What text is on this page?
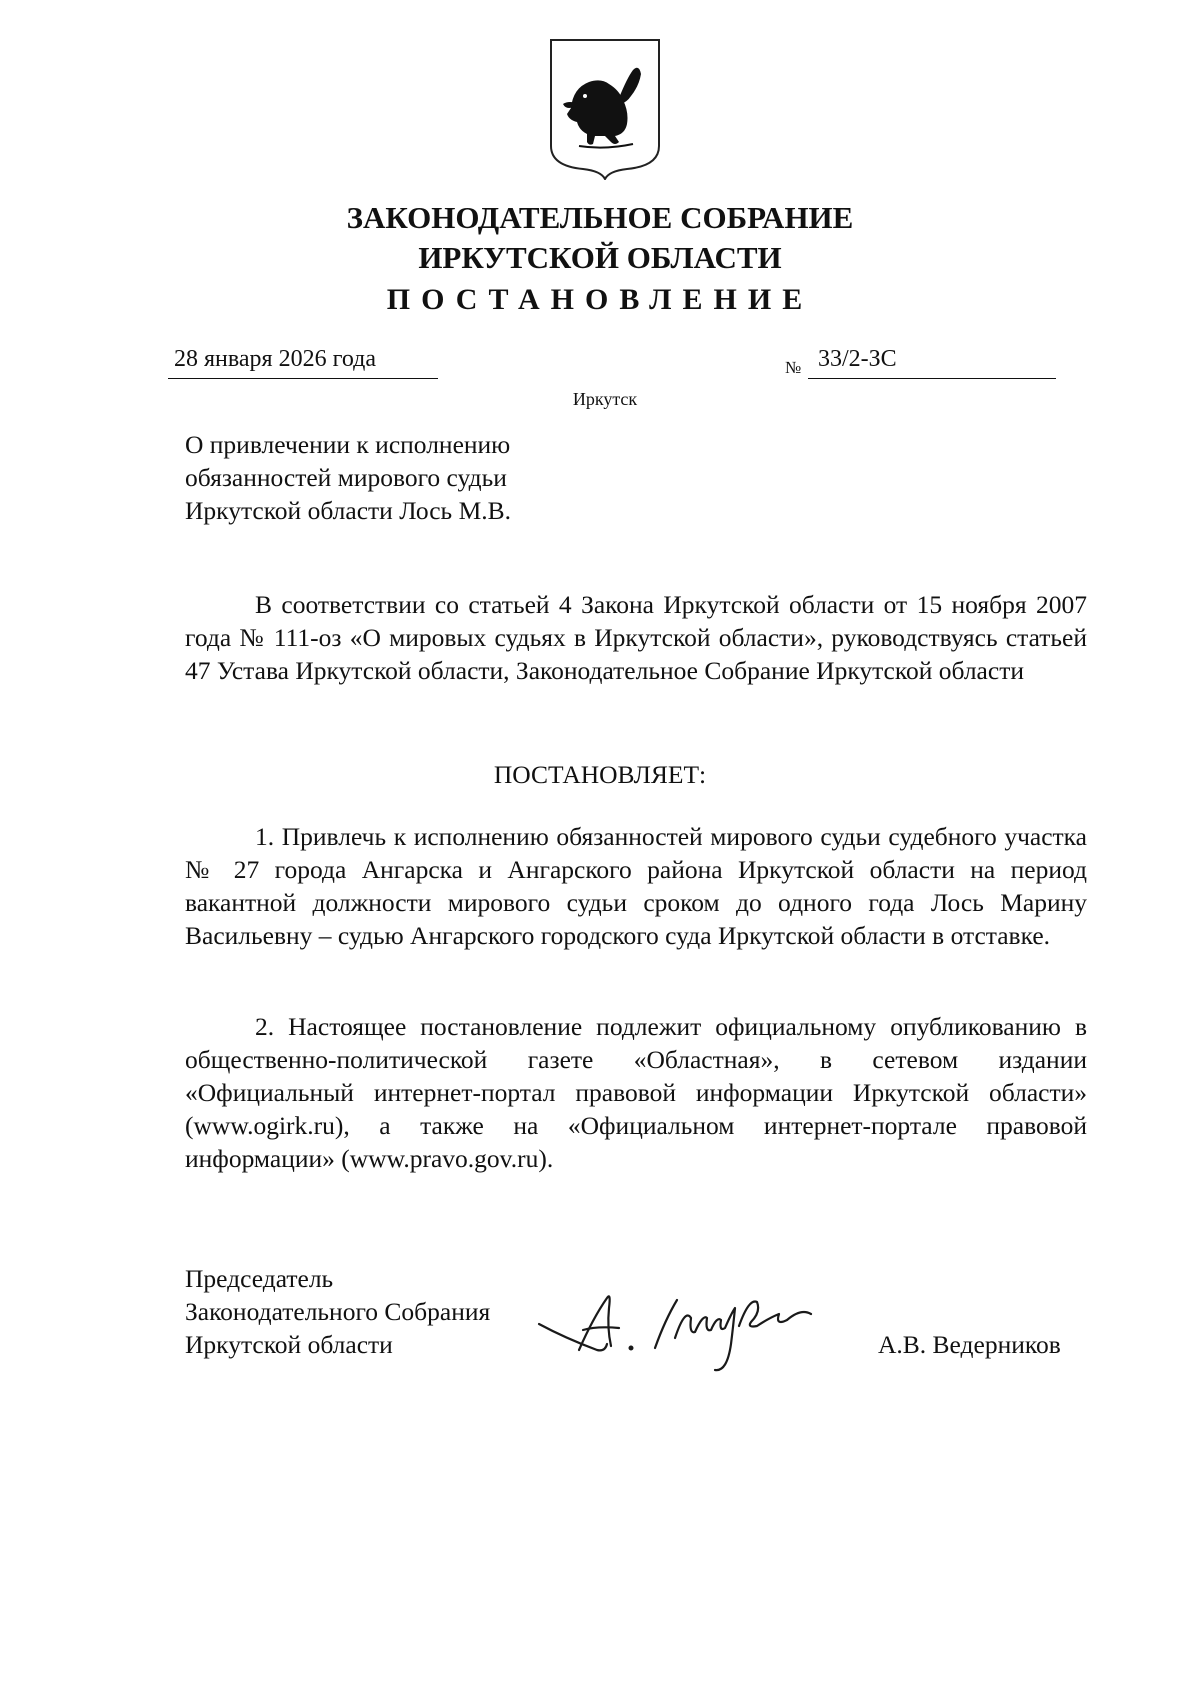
ЗАКОНОДАТЕЛЬНОЕ СОБРАНИЕ
ИРКУТСКОЙ ОБЛАСТИ
ПОСТАНОВЛЕНИЕ
28 января 2026 года	№ 33/2-ЗС
Иркутск
О привлечении к исполнению
обязанностей мирового судьи
Иркутской области Лось М.В.
В соответствии со статьей 4 Закона Иркутской области от 15 ноября 2007 года № 111-оз «О мировых судьях в Иркутской области», руководствуясь статьей 47 Устава Иркутской области, Законодательное Собрание Иркутской области
ПОСТАНОВЛЯЕТ:
1. Привлечь к исполнению обязанностей мирового судьи судебного участка № 27 города Ангарска и Ангарского района Иркутской области на период вакантной должности мирового судьи сроком до одного года Лось Марину Васильевну – судью Ангарского городского суда Иркутской области в отставке.
2. Настоящее постановление подлежит официальному опубликованию в общественно-политической газете «Областная», в сетевом издании «Официальный интернет-портал правовой информации Иркутской области» (www.ogirk.ru), а также на «Официальном интернет-портале правовой информации» (www.pravo.gov.ru).
Председатель
Законодательного Собрания
Иркутской области	А.В. Ведерников
